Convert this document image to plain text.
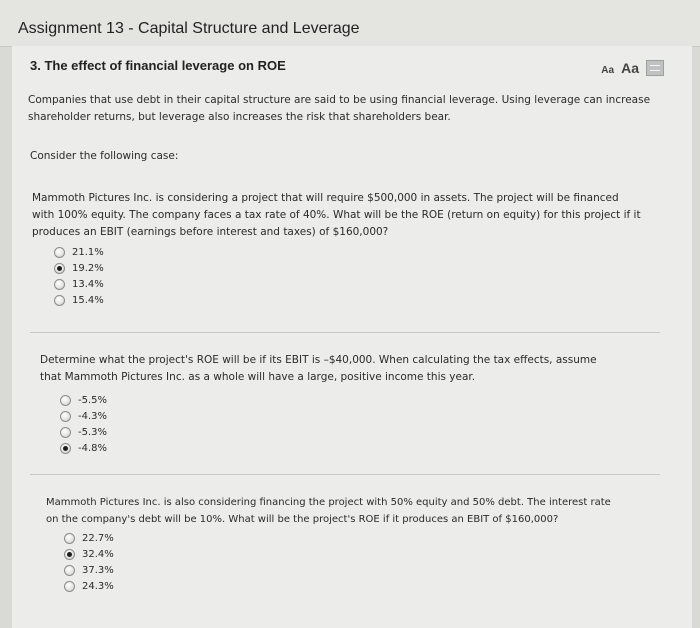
Assignment 13 - Capital Structure and Leverage
3. The effect of financial leverage on ROE	Aa Aa

Companies that use debt in their capital structure are said to be using financial leverage. Using leverage can increase shareholder returns, but leverage also increases the risk that shareholders bear.

Consider the following case:

Mammoth Pictures Inc. is considering a project that will require $500,000 in assets. The project will be financed with 100% equity. The company faces a tax rate of 40%. What will be the ROE (return on equity) for this project if it produces an EBIT (earnings before interest and taxes) of $160,000?

21.1%
19.2%
13.4%
15.4%

Determine what the project's ROE will be if its EBIT is –$40,000. When calculating the tax effects, assume that Mammoth Pictures Inc. as a whole will have a large, positive income this year.

-5.5%
-4.3%
-5.3%
-4.8%

Mammoth Pictures Inc. is also considering financing the project with 50% equity and 50% debt. The interest rate on the company's debt will be 10%. What will be the project's ROE if it produces an EBIT of $160,000?

22.7%
32.4%
37.3%
24.3%
